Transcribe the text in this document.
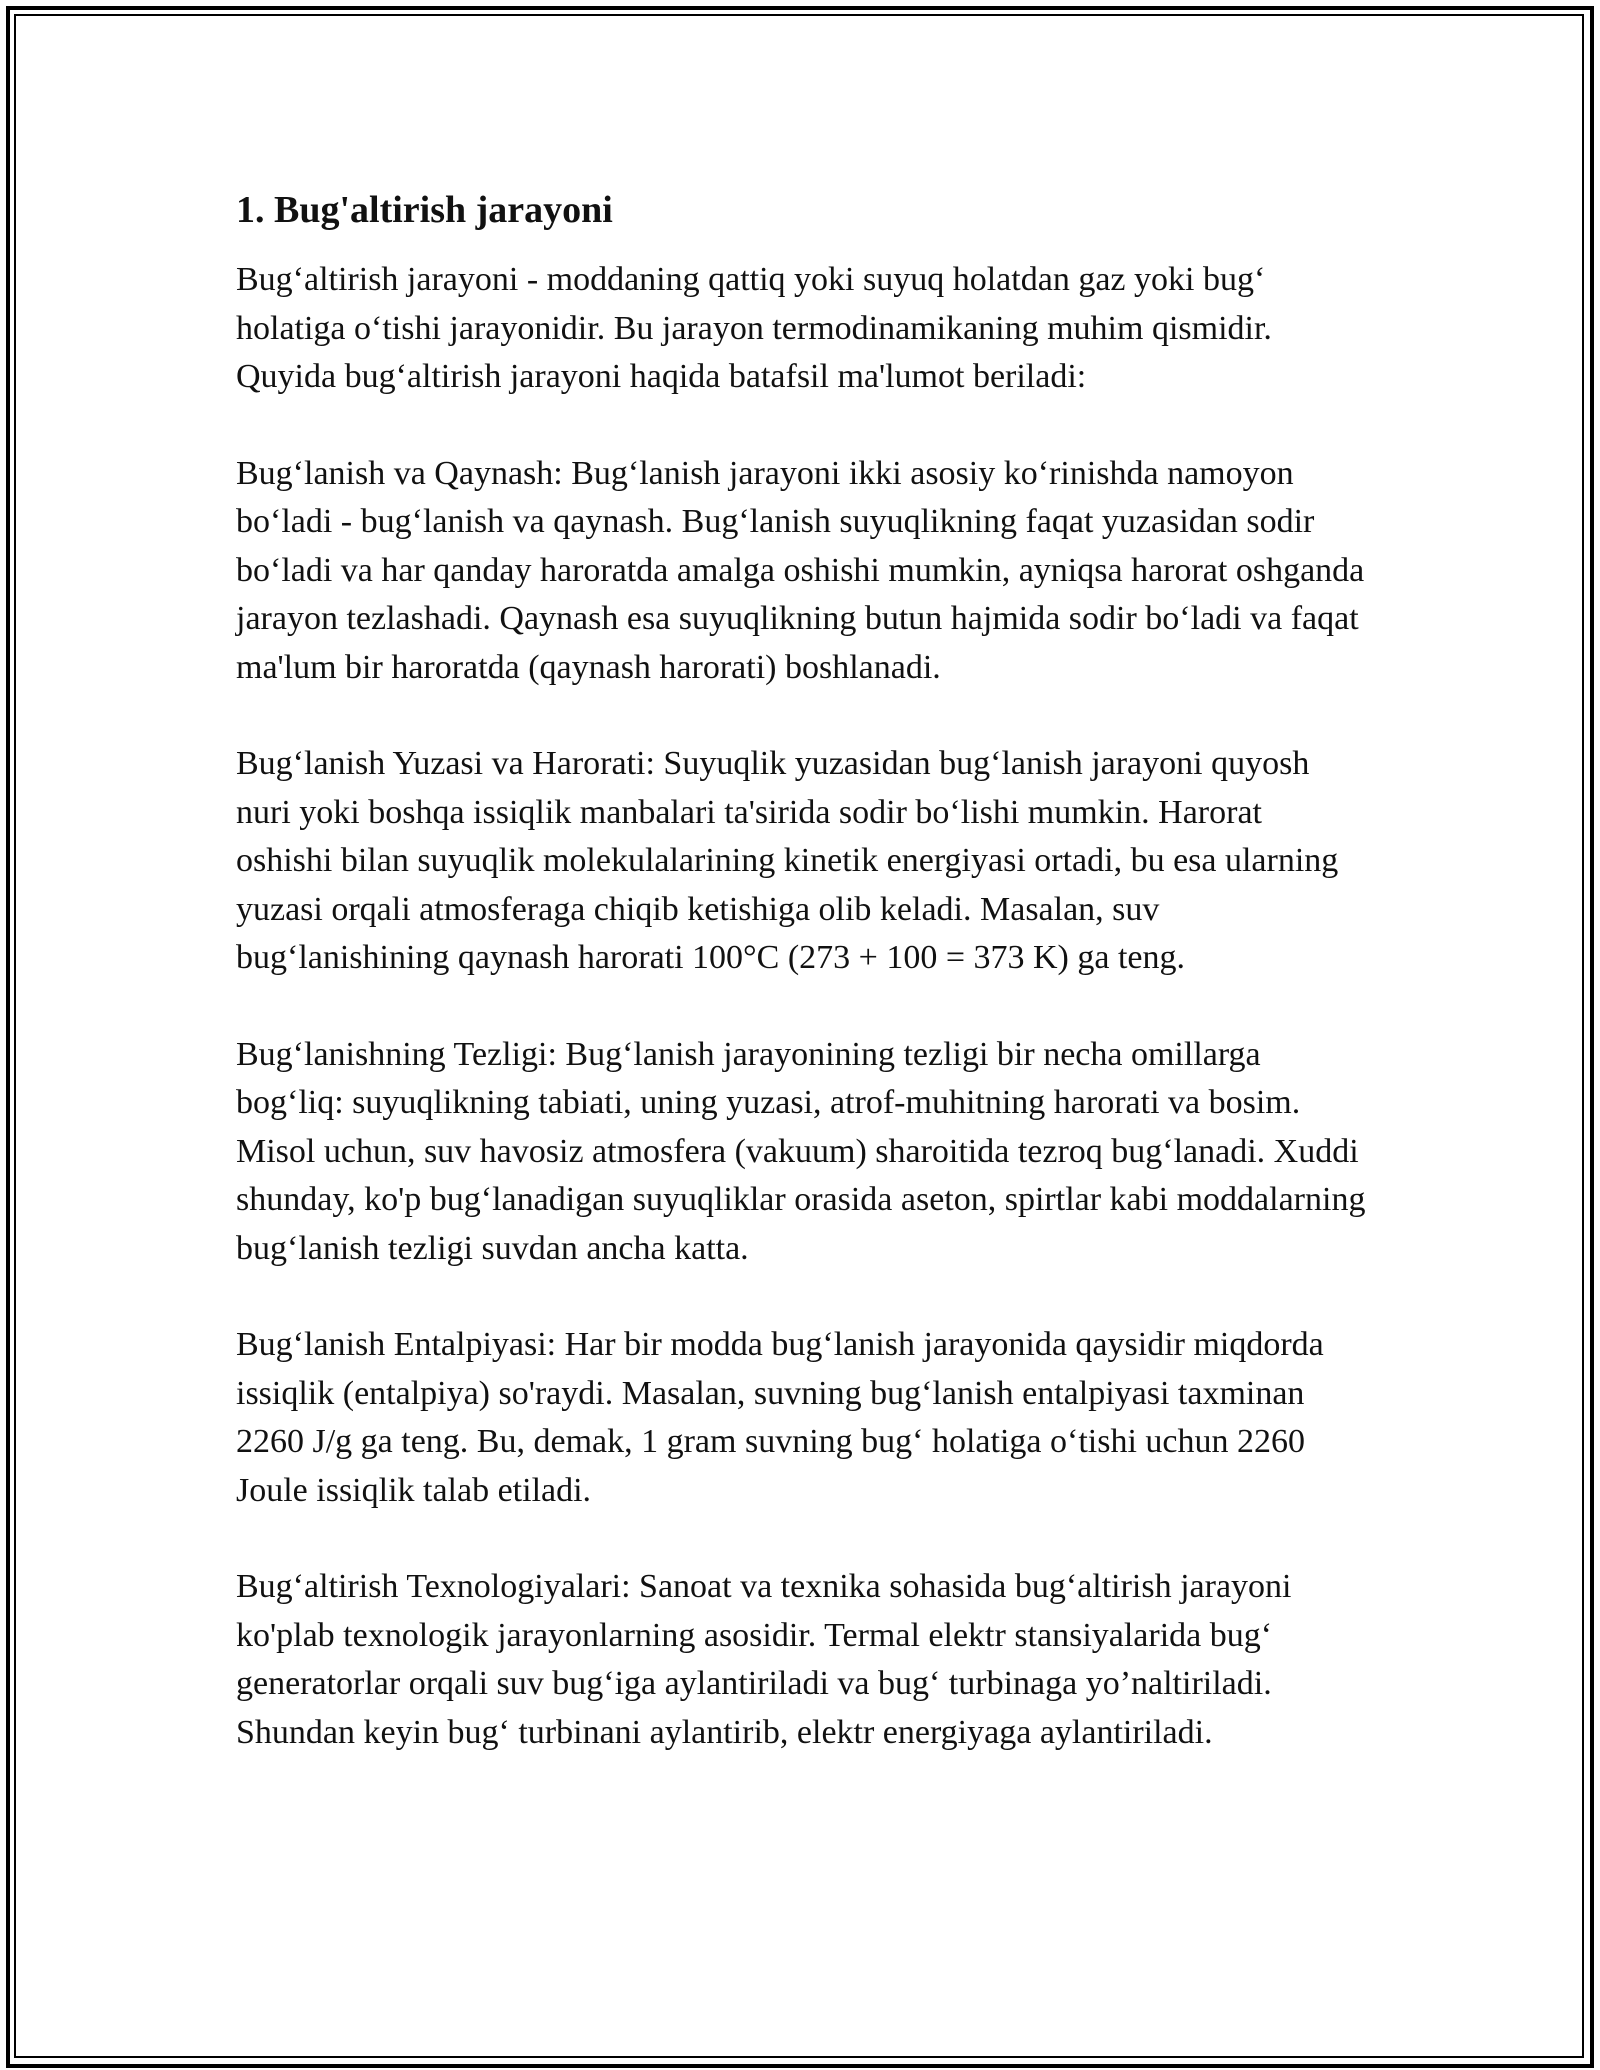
1. Bug'altirish jarayoni

Bug‘altirish jarayoni - moddaning qattiq yoki suyuq holatdan gaz yoki bug‘ holatiga o‘tishi jarayonidir. Bu jarayon termodinamikaning muhim qismidir. Quyida bug‘altirish jarayoni haqida batafsil ma'lumot beriladi:

Bug‘lanish va Qaynash: Bug‘lanish jarayoni ikki asosiy ko‘rinishda namoyon bo‘ladi - bug‘lanish va qaynash. Bug‘lanish suyuqlikning faqat yuzasidan sodir bo‘ladi va har qanday haroratda amalga oshishi mumkin, ayniqsa harorat oshganda jarayon tezlashadi. Qaynash esa suyuqlikning butun hajmida sodir bo‘ladi va faqat ma'lum bir haroratda (qaynash harorati) boshlanadi.

Bug‘lanish Yuzasi va Harorati: Suyuqlik yuzasidan bug‘lanish jarayoni quyosh nuri yoki boshqa issiqlik manbalari ta'sirida sodir bo‘lishi mumkin. Harorat oshishi bilan suyuqlik molekulalarining kinetik energiyasi ortadi, bu esa ularning yuzasi orqali atmosferaga chiqib ketishiga olib keladi. Masalan, suv bug‘lanishining qaynash harorati 100°C (273 + 100 = 373 K) ga teng.

Bug‘lanishning Tezligi: Bug‘lanish jarayonining tezligi bir necha omillarga bog‘liq: suyuqlikning tabiati, uning yuzasi, atrof-muhitning harorati va bosim. Misol uchun, suv havosiz atmosfera (vakuum) sharoitida tezroq bug‘lanadi. Xuddi shunday, ko'p bug‘lanadigan suyuqliklar orasida aseton, spirtlar kabi moddalarning bug‘lanish tezligi suvdan ancha katta.

Bug‘lanish Entalpiyasi: Har bir modda bug‘lanish jarayonida qaysidir miqdorda issiqlik (entalpiya) so'raydi. Masalan, suvning bug‘lanish entalpiyasi taxminan 2260 J/g ga teng. Bu, demak, 1 gram suvning bug‘ holatiga o‘tishi uchun 2260 Joule issiqlik talab etiladi.

Bug‘altirish Texnologiyalari: Sanoat va texnika sohasida bug‘altirish jarayoni ko'plab texnologik jarayonlarning asosidir. Termal elektr stansiyalarida bug‘ generatorlar orqali suv bug‘iga aylantiriladi va bug‘ turbinaga yo’naltiriladi. Shundan keyin bug‘ turbinani aylantirib, elektr energiyaga aylantiriladi.
